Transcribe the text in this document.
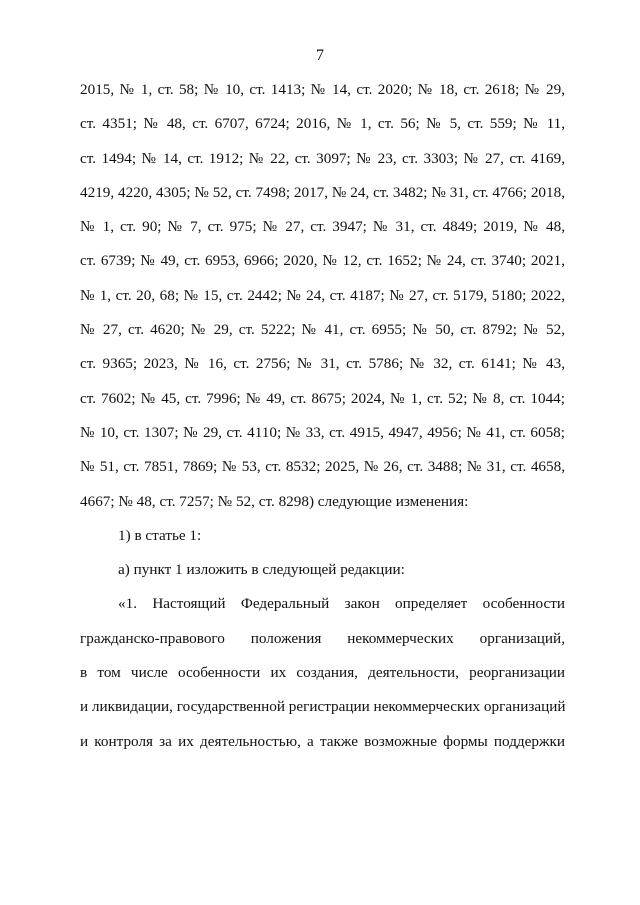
7
2015, № 1, ст. 58; № 10, ст. 1413; № 14, ст. 2020; № 18, ст. 2618; № 29,
ст. 4351; № 48, ст. 6707, 6724; 2016, № 1, ст. 56; № 5, ст. 559; № 11,
ст. 1494; № 14, ст. 1912; № 22, ст. 3097; № 23, ст. 3303; № 27, ст. 4169,
4219, 4220, 4305; № 52, ст. 7498; 2017, № 24, ст. 3482; № 31, ст. 4766; 2018,
№ 1, ст. 90; № 7, ст. 975; № 27, ст. 3947; № 31, ст. 4849; 2019, № 48,
ст. 6739; № 49, ст. 6953, 6966; 2020, № 12, ст. 1652; № 24, ст. 3740; 2021,
№ 1, ст. 20, 68; № 15, ст. 2442; № 24, ст. 4187; № 27, ст. 5179, 5180; 2022,
№ 27, ст. 4620; № 29, ст. 5222; № 41, ст. 6955; № 50, ст. 8792; № 52,
ст. 9365; 2023, № 16, ст. 2756; № 31, ст. 5786; № 32, ст. 6141; № 43,
ст. 7602; № 45, ст. 7996; № 49, ст. 8675; 2024, № 1, ст. 52; № 8, ст. 1044;
№ 10, ст. 1307; № 29, ст. 4110; № 33, ст. 4915, 4947, 4956; № 41, ст. 6058;
№ 51, ст. 7851, 7869; № 53, ст. 8532; 2025, № 26, ст. 3488; № 31, ст. 4658,
4667; № 48, ст. 7257; № 52, ст. 8298) следующие изменения:
1) в статье 1:
а) пункт 1 изложить в следующей редакции:
«1. Настоящий Федеральный закон определяет особенности
гражданско-правового положения некоммерческих организаций,
в том числе особенности их создания, деятельности, реорганизации
и ликвидации, государственной регистрации некоммерческих организаций
и контроля за их деятельностью, а также возможные формы поддержки
